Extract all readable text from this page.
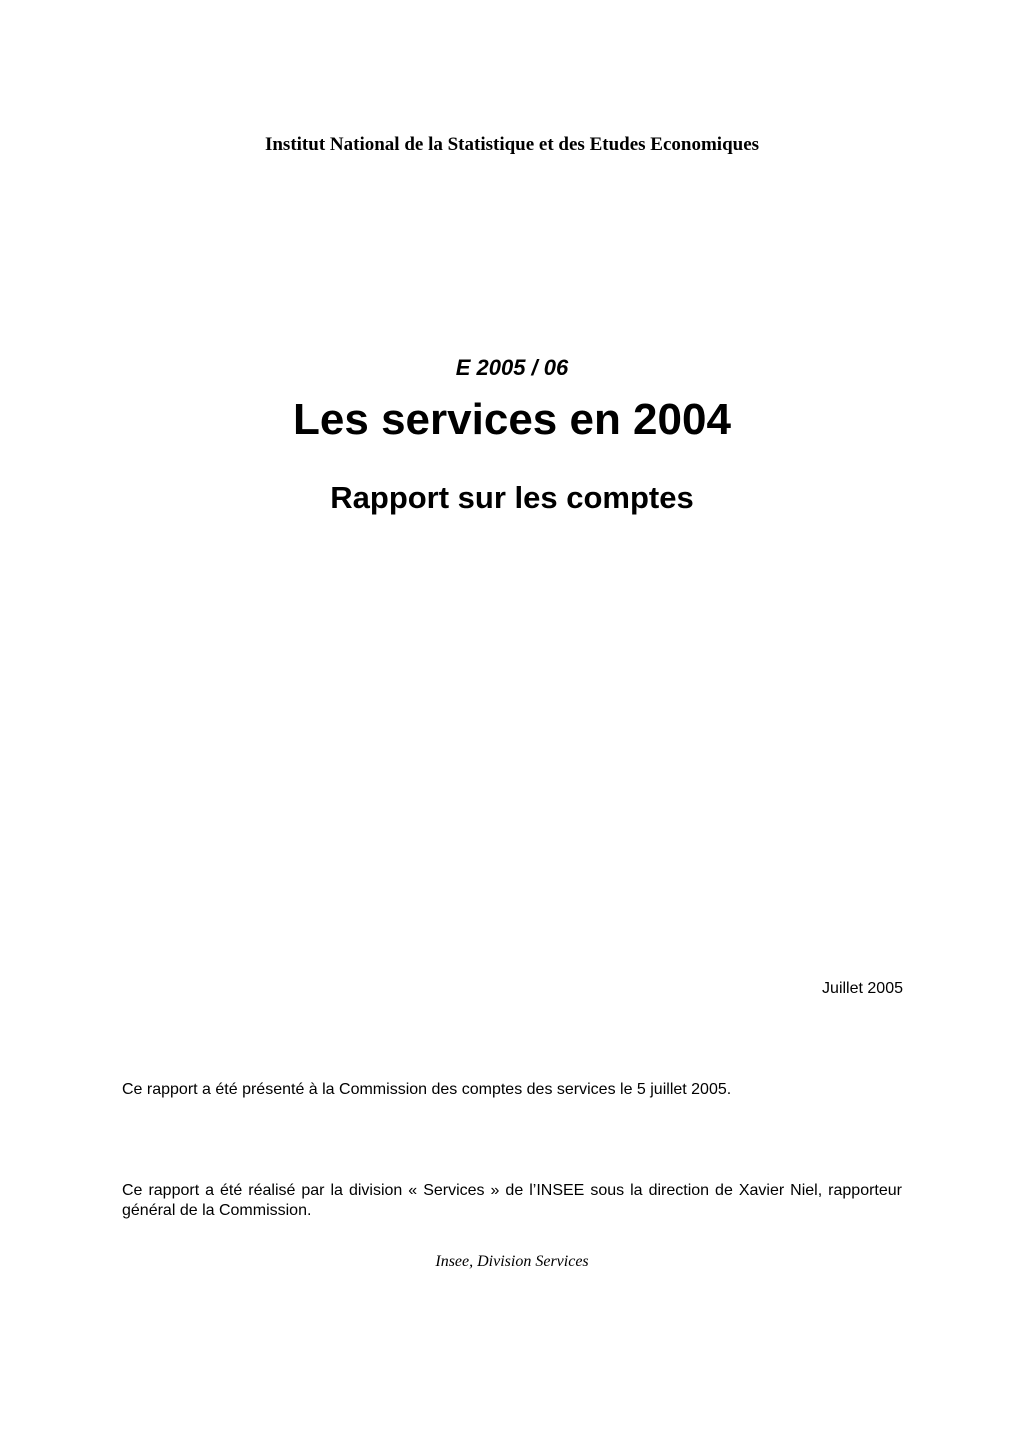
Institut National de la Statistique et des Etudes Economiques
E 2005 / 06
Les services en 2004
Rapport sur les comptes
Juillet 2005
Ce rapport a été présenté à la Commission des comptes des services le 5 juillet 2005.
Ce rapport a été réalisé par la division « Services » de l’INSEE sous la direction de Xavier Niel, rapporteur général de la Commission.
Insee, Division Services
